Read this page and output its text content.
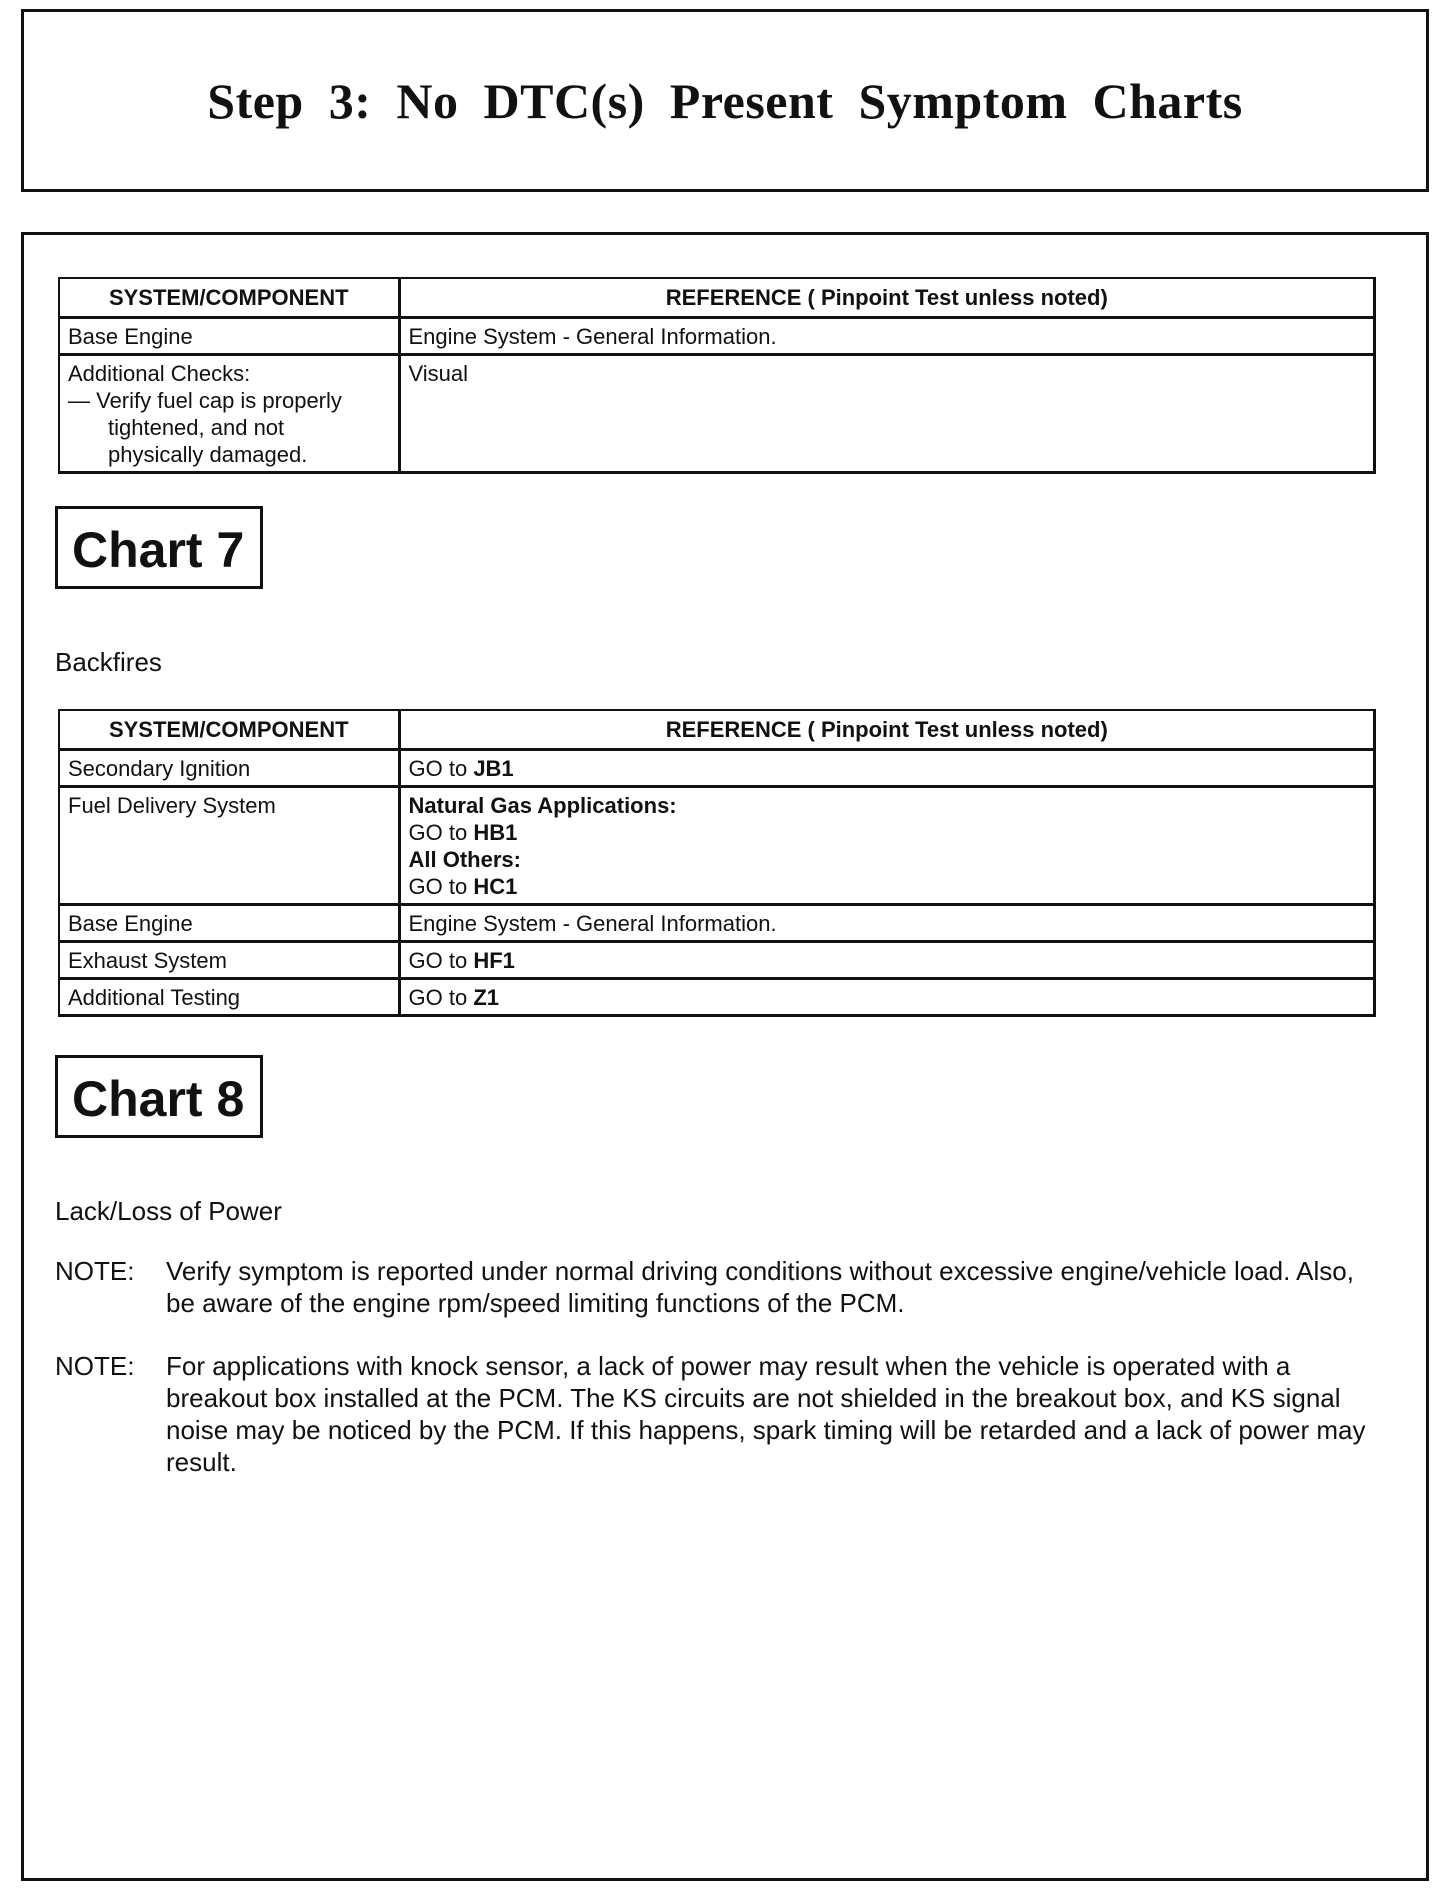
Step 3: No DTC(s) Present Symptom Charts
SYSTEM/COMPONENT	REFERENCE ( Pinpoint Test unless noted)
Base Engine	Engine System - General Information.

Additional Checks:
— Verify fuel cap is properly
tightened, and not
physically damaged.	Visual
Chart 7
Backfires
SYSTEM/COMPONENT	REFERENCE ( Pinpoint Test unless noted)
Secondary Ignition	GO to JB1
Fuel Delivery System	Natural Gas Applications:
GO to HB1
All Others:
GO to HC1

Base Engine	Engine System - General Information.
Exhaust System	GO to HF1
Additional Testing	GO to Z1
Chart 8
Lack/Loss of Power
NOTE:	Verify symptom is reported under normal driving conditions without excessive engine/vehicle load. Also, be aware of the engine rpm/speed limiting functions of the PCM.
NOTE:	For applications with knock sensor, a lack of power may result when the vehicle is operated with a breakout box installed at the PCM. The KS circuits are not shielded in the breakout box, and KS signal noise may be noticed by the PCM. If this happens, spark timing will be retarded and a lack of power may result.
